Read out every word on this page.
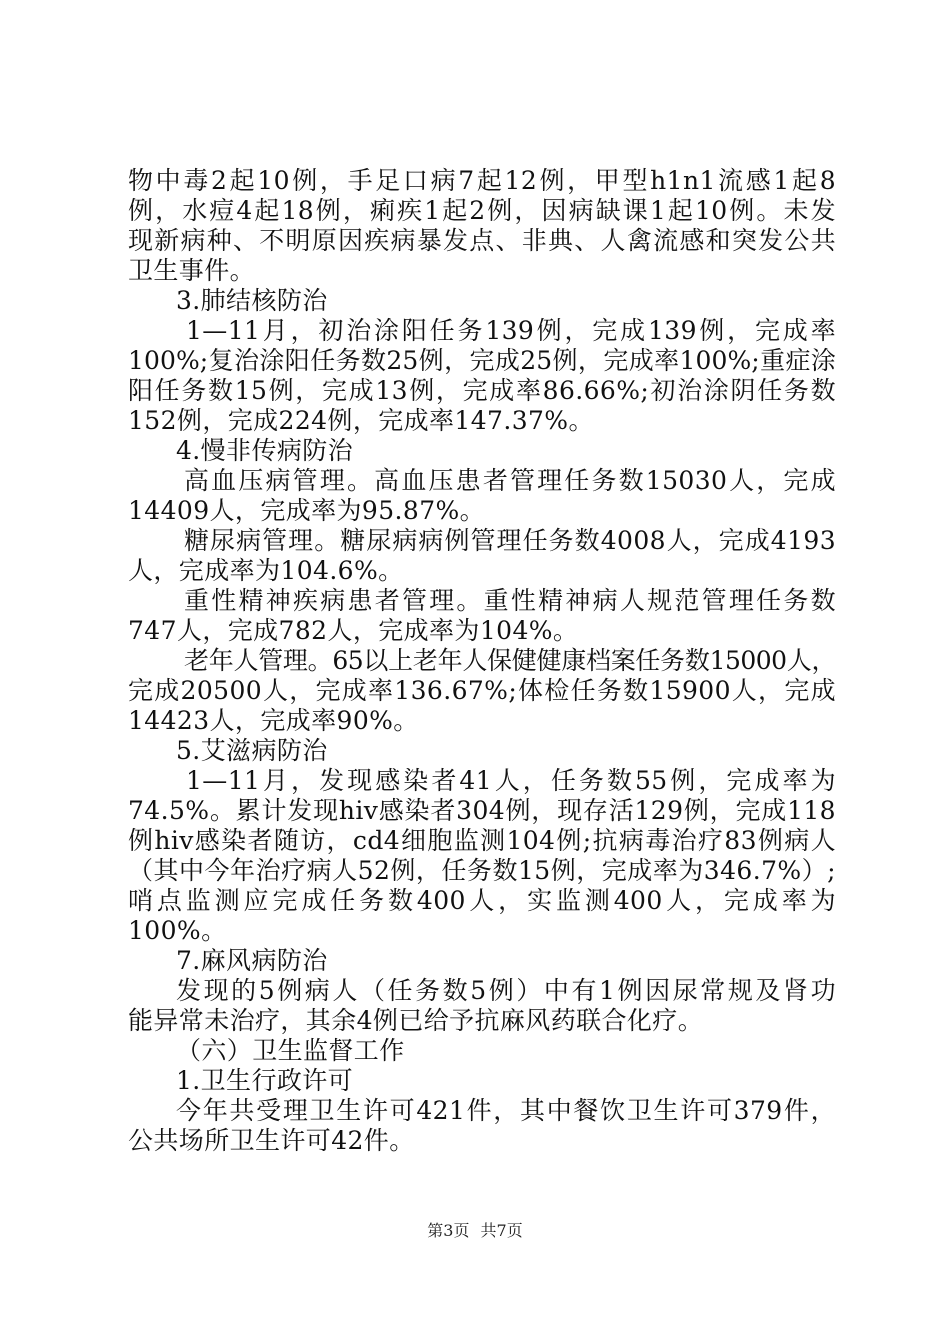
物中毒2起10例，手足口病7起12例，甲型h1n1流感1起8
例，水痘4起18例，痢疾1起2例，因病缺课1起10例。未发
现新病种、不明原因疾病暴发点、非典、人禽流感和突发公共
卫生事件。
3.肺结核防治
1—11月，初治涂阳任务139例，完成139例，完成率
100%;复治涂阳任务数25例，完成25例，完成率100%;重症涂
阳任务数15例，完成13例，完成率86.66%;初治涂阴任务数
152例，完成224例，完成率147.37%。
4.慢非传病防治
高血压病管理。高血压患者管理任务数15030人，完成
14409人，完成率为95.87%。
糖尿病管理。糖尿病病例管理任务数4008人，完成4193
人，完成率为104.6%。
重性精神疾病患者管理。重性精神病人规范管理任务数
747人，完成782人，完成率为104%。
老年人管理。65以上老年人保健健康档案任务数15000人，
完成20500人，完成率136.67%;体检任务数15900人，完成
14423人，完成率90%。
5.艾滋病防治
1—11月，发现感染者41人，任务数55例，完成率为
74.5%。累计发现hiv感染者304例，现存活129例，完成118
例hiv感染者随访，cd4细胞监测104例;抗病毒治疗83例病人
（其中今年治疗病人52例，任务数15例，完成率为346.7%）;
哨点监测应完成任务数400人，实监测400人，完成率为
100%。
7.麻风病防治
发现的5例病人（任务数5例）中有1例因尿常规及肾功
能异常未治疗，其余4例已给予抗麻风药联合化疗。
（六）卫生监督工作
1.卫生行政许可
今年共受理卫生许可421件，其中餐饮卫生许可379件，
公共场所卫生许可42件。
第3页 共7页
